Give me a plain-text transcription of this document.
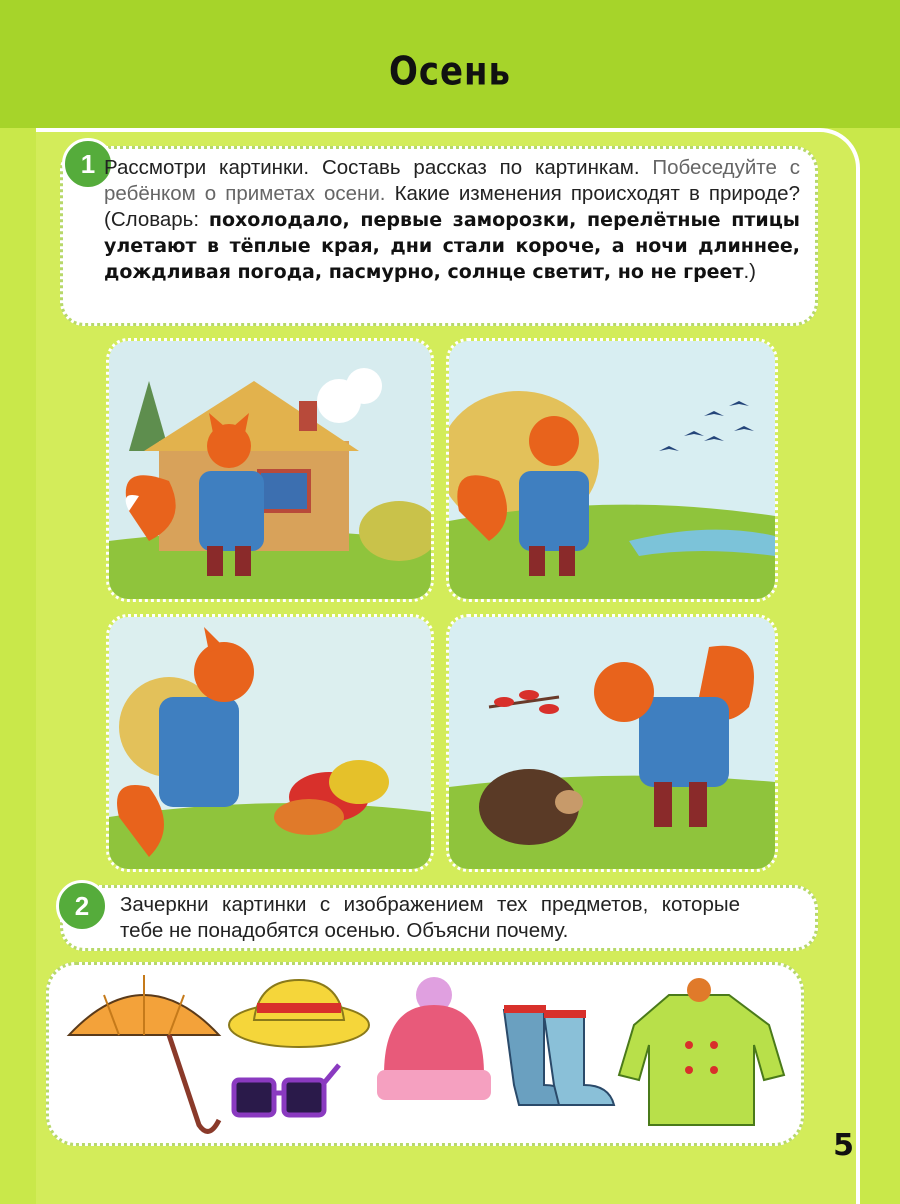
Осень
1 Рассмотри картинки. Составь рассказ по картинкам. Побеседуйте с ребёнком о приметах осени. Какие изменения происходят в природе? (Словарь: похолодало, первые заморозки, перелётные птицы улетают в тёплые края, дни стали короче, а ночи длиннее, дождливая погода, пасмурно, солнце светит, но не греет.)
2	Зачеркни картинки с изображением тех предметов, которые тебе не понадобятся осенью. Объясни почему.
5
